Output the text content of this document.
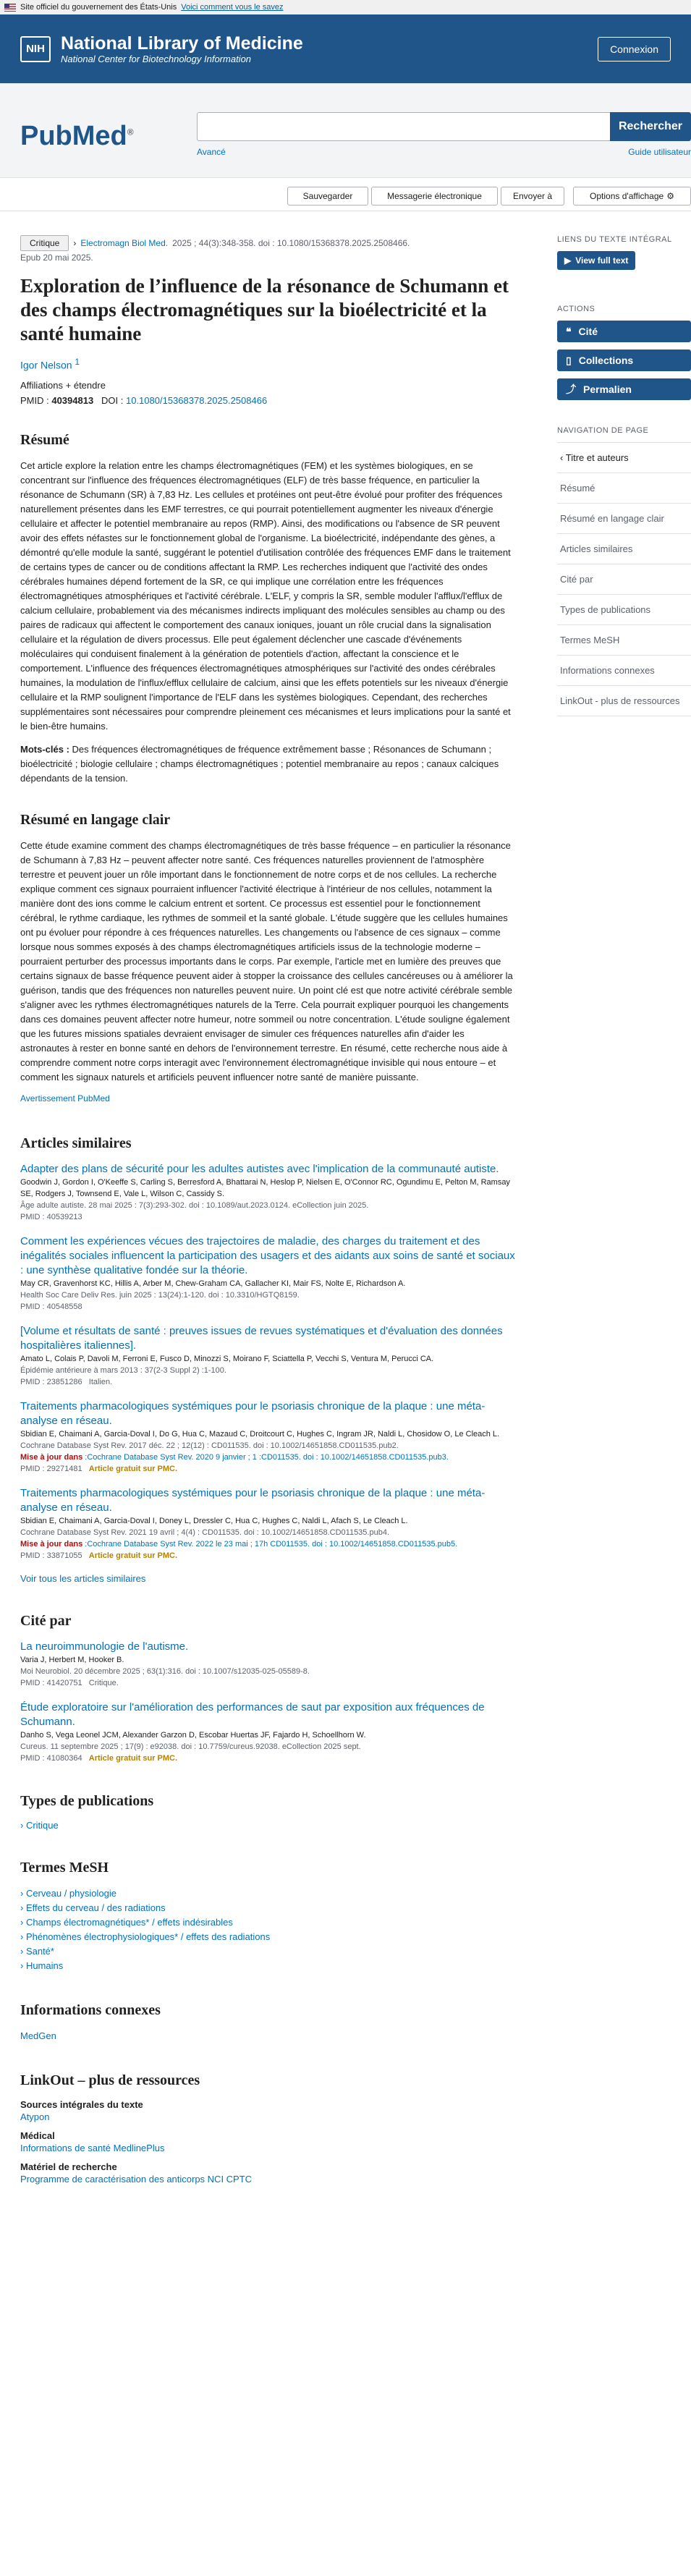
Site officiel du gouvernement des États-Unis Voici comment vous le savez
NIH National Library of Medicine
National Center for Biotechnology Information
Connexion
PubMed®	Rechercher
Avancé	Guide utilisateur
Sauvegarder	Messagerie électronique	Envoyer à	Options d'affichage ⚙
Critique	› Electromagn Biol Med. 2025 ; 44(3):348-358. doi : 10.1080/15368378.2025.2508466.
Epub 20 mai 2025.
Exploration de l’influence de la résonance de Schumann et des champs électromagnétiques sur la bioélectricité et la santé humaine
Igor Nelson $^1$
Affiliations + étendre
PMID : 40394813 DOI : 10.1080/15368378.2025.2508466
Résumé

Cet article explore la relation entre les champs électromagnétiques (FEM) et les systèmes biologiques, en se concentrant sur l'influence des fréquences électromagnétiques (ELF) de très basse fréquence, en particulier la résonance de Schumann (SR) à 7,83 Hz. Les cellules et protéines ont peut-être évolué pour profiter des fréquences naturellement présentes dans les EMF terrestres, ce qui pourrait potentiellement augmenter les niveaux d'énergie cellulaire et affecter le potentiel membranaire au repos (RMP). Ainsi, des modifications ou l'absence de SR peuvent avoir des effets néfastes sur le fonctionnement global de l'organisme. La bioélectricité, indépendante des gènes, a démontré qu'elle module la santé, suggérant le potentiel d'utilisation contrôlée des fréquences EMF dans le traitement de certains types de cancer ou de conditions affectant la RMP. Les recherches indiquent que l'activité des ondes cérébrales humaines dépend fortement de la SR, ce qui implique une corrélation entre les fréquences électromagnétiques atmosphériques et l'activité cérébrale. L'ELF, y compris la SR, semble moduler l'afflux/l'efflux de calcium cellulaire, probablement via des mécanismes indirects impliquant des molécules sensibles au champ ou des paires de radicaux qui affectent le comportement des canaux ioniques, jouant un rôle crucial dans la signalisation cellulaire et la régulation de divers processus. Elle peut également déclencher une cascade d'événements moléculaires qui conduisent finalement à la génération de potentiels d'action, affectant la conscience et le comportement. L'influence des fréquences électromagnétiques atmosphériques sur l'activité des ondes cérébrales humaines, la modulation de l'influx/efflux cellulaire de calcium, ainsi que les effets potentiels sur les niveaux d'énergie cellulaire et la RMP soulignent l'importance de l'ELF dans les systèmes biologiques. Cependant, des recherches supplémentaires sont nécessaires pour comprendre pleinement ces mécanismes et leurs implications pour la santé et le bien-être humains.

Mots-clés : Des fréquences électromagnétiques de fréquence extrêmement basse ; Résonances de Schumann ; bioélectricité ; biologie cellulaire ; champs électromagnétiques ; potentiel membranaire au repos ; canaux calciques dépendants de la tension.
Résumé en langage clair

Cette étude examine comment des champs électromagnétiques de très basse fréquence – en particulier la résonance de Schumann à 7,83 Hz – peuvent affecter notre santé. Ces fréquences naturelles proviennent de l'atmosphère terrestre et peuvent jouer un rôle important dans le fonctionnement de notre corps et de nos cellules. La recherche explique comment ces signaux pourraient influencer l'activité électrique à l'intérieur de nos cellules, notamment la manière dont des ions comme le calcium entrent et sortent. Ce processus est essentiel pour le fonctionnement cérébral, le rythme cardiaque, les rythmes de sommeil et la santé globale. L'étude suggère que les cellules humaines ont pu évoluer pour répondre à ces fréquences naturelles. Les changements ou l'absence de ces signaux – comme lorsque nous sommes exposés à des champs électromagnétiques artificiels issus de la technologie moderne – pourraient perturber des processus importants dans le corps. Par exemple, l'article met en lumière des preuves que certains signaux de basse fréquence peuvent aider à stopper la croissance des cellules cancéreuses ou à améliorer la guérison, tandis que des fréquences non naturelles peuvent nuire. Un point clé est que notre activité cérébrale semble s'aligner avec les rythmes électromagnétiques naturels de la Terre. Cela pourrait expliquer pourquoi les changements dans ces domaines peuvent affecter notre humeur, notre sommeil ou notre concentration. L'étude souligne également que les futures missions spatiales devraient envisager de simuler ces fréquences naturelles afin d'aider les astronautes à rester en bonne santé en dehors de l'environnement terrestre. En résumé, cette recherche nous aide à comprendre comment notre corps interagit avec l'environnement électromagnétique invisible qui nous entoure – et comment les signaux naturels et artificiels peuvent influencer notre santé de manière puissante.

Avertissement PubMed
Articles similaires
Adapter des plans de sécurité pour les adultes autistes avec l'implication de la communauté autiste.
Goodwin J, Gordon I, O'Keeffe S, Carling S, Berresford A, Bhattarai N, Heslop P, Nielsen E, O'Connor RC, Ogundimu E, Pelton M, Ramsay SE, Rodgers J, Townsend E, Vale L, Wilson C, Cassidy S.
Âge adulte autiste. 28 mai 2025 : 7(3):293-302. doi : 10.1089/aut.2023.0124. eCollection juin 2025.
PMID : 40539213
Comment les expériences vécues des trajectoires de maladie, des charges du traitement et des inégalités sociales influencent la participation des usagers et des aidants aux soins de santé et sociaux : une synthèse qualitative fondée sur la théorie.
May CR, Gravenhorst KC, Hillis A, Arber M, Chew-Graham CA, Gallacher KI, Mair FS, Nolte E, Richardson A.
Health Soc Care Deliv Res. juin 2025 : 13(24):1-120. doi : 10.3310/HGTQ8159.
PMID : 40548558
[Volume et résultats de santé : preuves issues de revues systématiques et d'évaluation des données hospitalières italiennes].
Amato L, Colais P, Davoli M, Ferroni E, Fusco D, Minozzi S, Moirano F, Sciattella P, Vecchi S, Ventura M, Perucci CA.
Épidémie antérieure à mars 2013 : 37(2-3 Suppl 2) :1-100.
PMID : 23851286 Italien.
Traitements pharmacologiques systémiques pour le psoriasis chronique de la plaque : une méta-analyse en réseau.
Sbidian E, Chaimani A, Garcia-Doval I, Do G, Hua C, Mazaud C, Droitcourt C, Hughes C, Ingram JR, Naldi L, Chosidow O, Le Cleach L.
Cochrane Database Syst Rev. 2017 déc. 22 ; 12(12) : CD011535. doi : 10.1002/14651858.CD011535.pub2.
Mise à jour dans :Cochrane Database Syst Rev. 2020 9 janvier ; 1 :CD011535. doi : 10.1002/14651858.CD011535.pub3.
PMID : 29271481 Article gratuit sur PMC.
Traitements pharmacologiques systémiques pour le psoriasis chronique de la plaque : une méta-analyse en réseau.
Sbidian E, Chaimani A, Garcia-Doval I, Doney L, Dressler C, Hua C, Hughes C, Naldi L, Afach S, Le Cleach L.
Cochrane Database Syst Rev. 2021 19 avril ; 4(4) : CD011535. doi : 10.1002/14651858.CD011535.pub4.
Mise à jour dans :Cochrane Database Syst Rev. 2022 le 23 mai ; 17h CD011535. doi : 10.1002/14651858.CD011535.pub5.
PMID : 33871055 Article gratuit sur PMC.
Voir tous les articles similaires
Cité par
La neuroimmunologie de l'autisme.
Varia J, Herbert M, Hooker B.
Moi Neurobiol. 20 décembre 2025 ; 63(1):316. doi : 10.1007/s12035-025-05589-8.
PMID : 41420751 Critique.
Étude exploratoire sur l'amélioration des performances de saut par exposition aux fréquences de Schumann.
Danho S, Vega Leonel JCM, Alexander Garzon D, Escobar Huertas JF, Fajardo H, Schoellhorn W.
Cureus. 11 septembre 2025 ; 17(9) : e92038. doi : 10.7759/cureus.92038. eCollection 2025 sept.
PMID : 41080364 Article gratuit sur PMC.
Types de publications
› Critique
Termes MeSH
› Cerveau / physiologie
› Effets du cerveau / des radiations
› Champs électromagnétiques* / effets indésirables
› Phénomènes électrophysiologiques* / effets des radiations
› Santé*
› Humains
Informations connexes
MedGen
LinkOut – plus de ressources
Sources intégrales du texte
Atypon
Médical
Informations de santé MedlinePlus
Matériel de recherche
Programme de caractérisation des anticorps NCI CPTC
LIENS DU TEXTE INTÉGRAL
▶ View full text
ACTIONS
❝ Cité
▯ Collections
⤴ Permalien
NAVIGATION DE PAGE
‹ Titre et auteurs
Résumé
Résumé en langage clair
Articles similaires
Cité par
Types de publications
Termes MeSH
Informations connexes
LinkOut - plus de ressources
